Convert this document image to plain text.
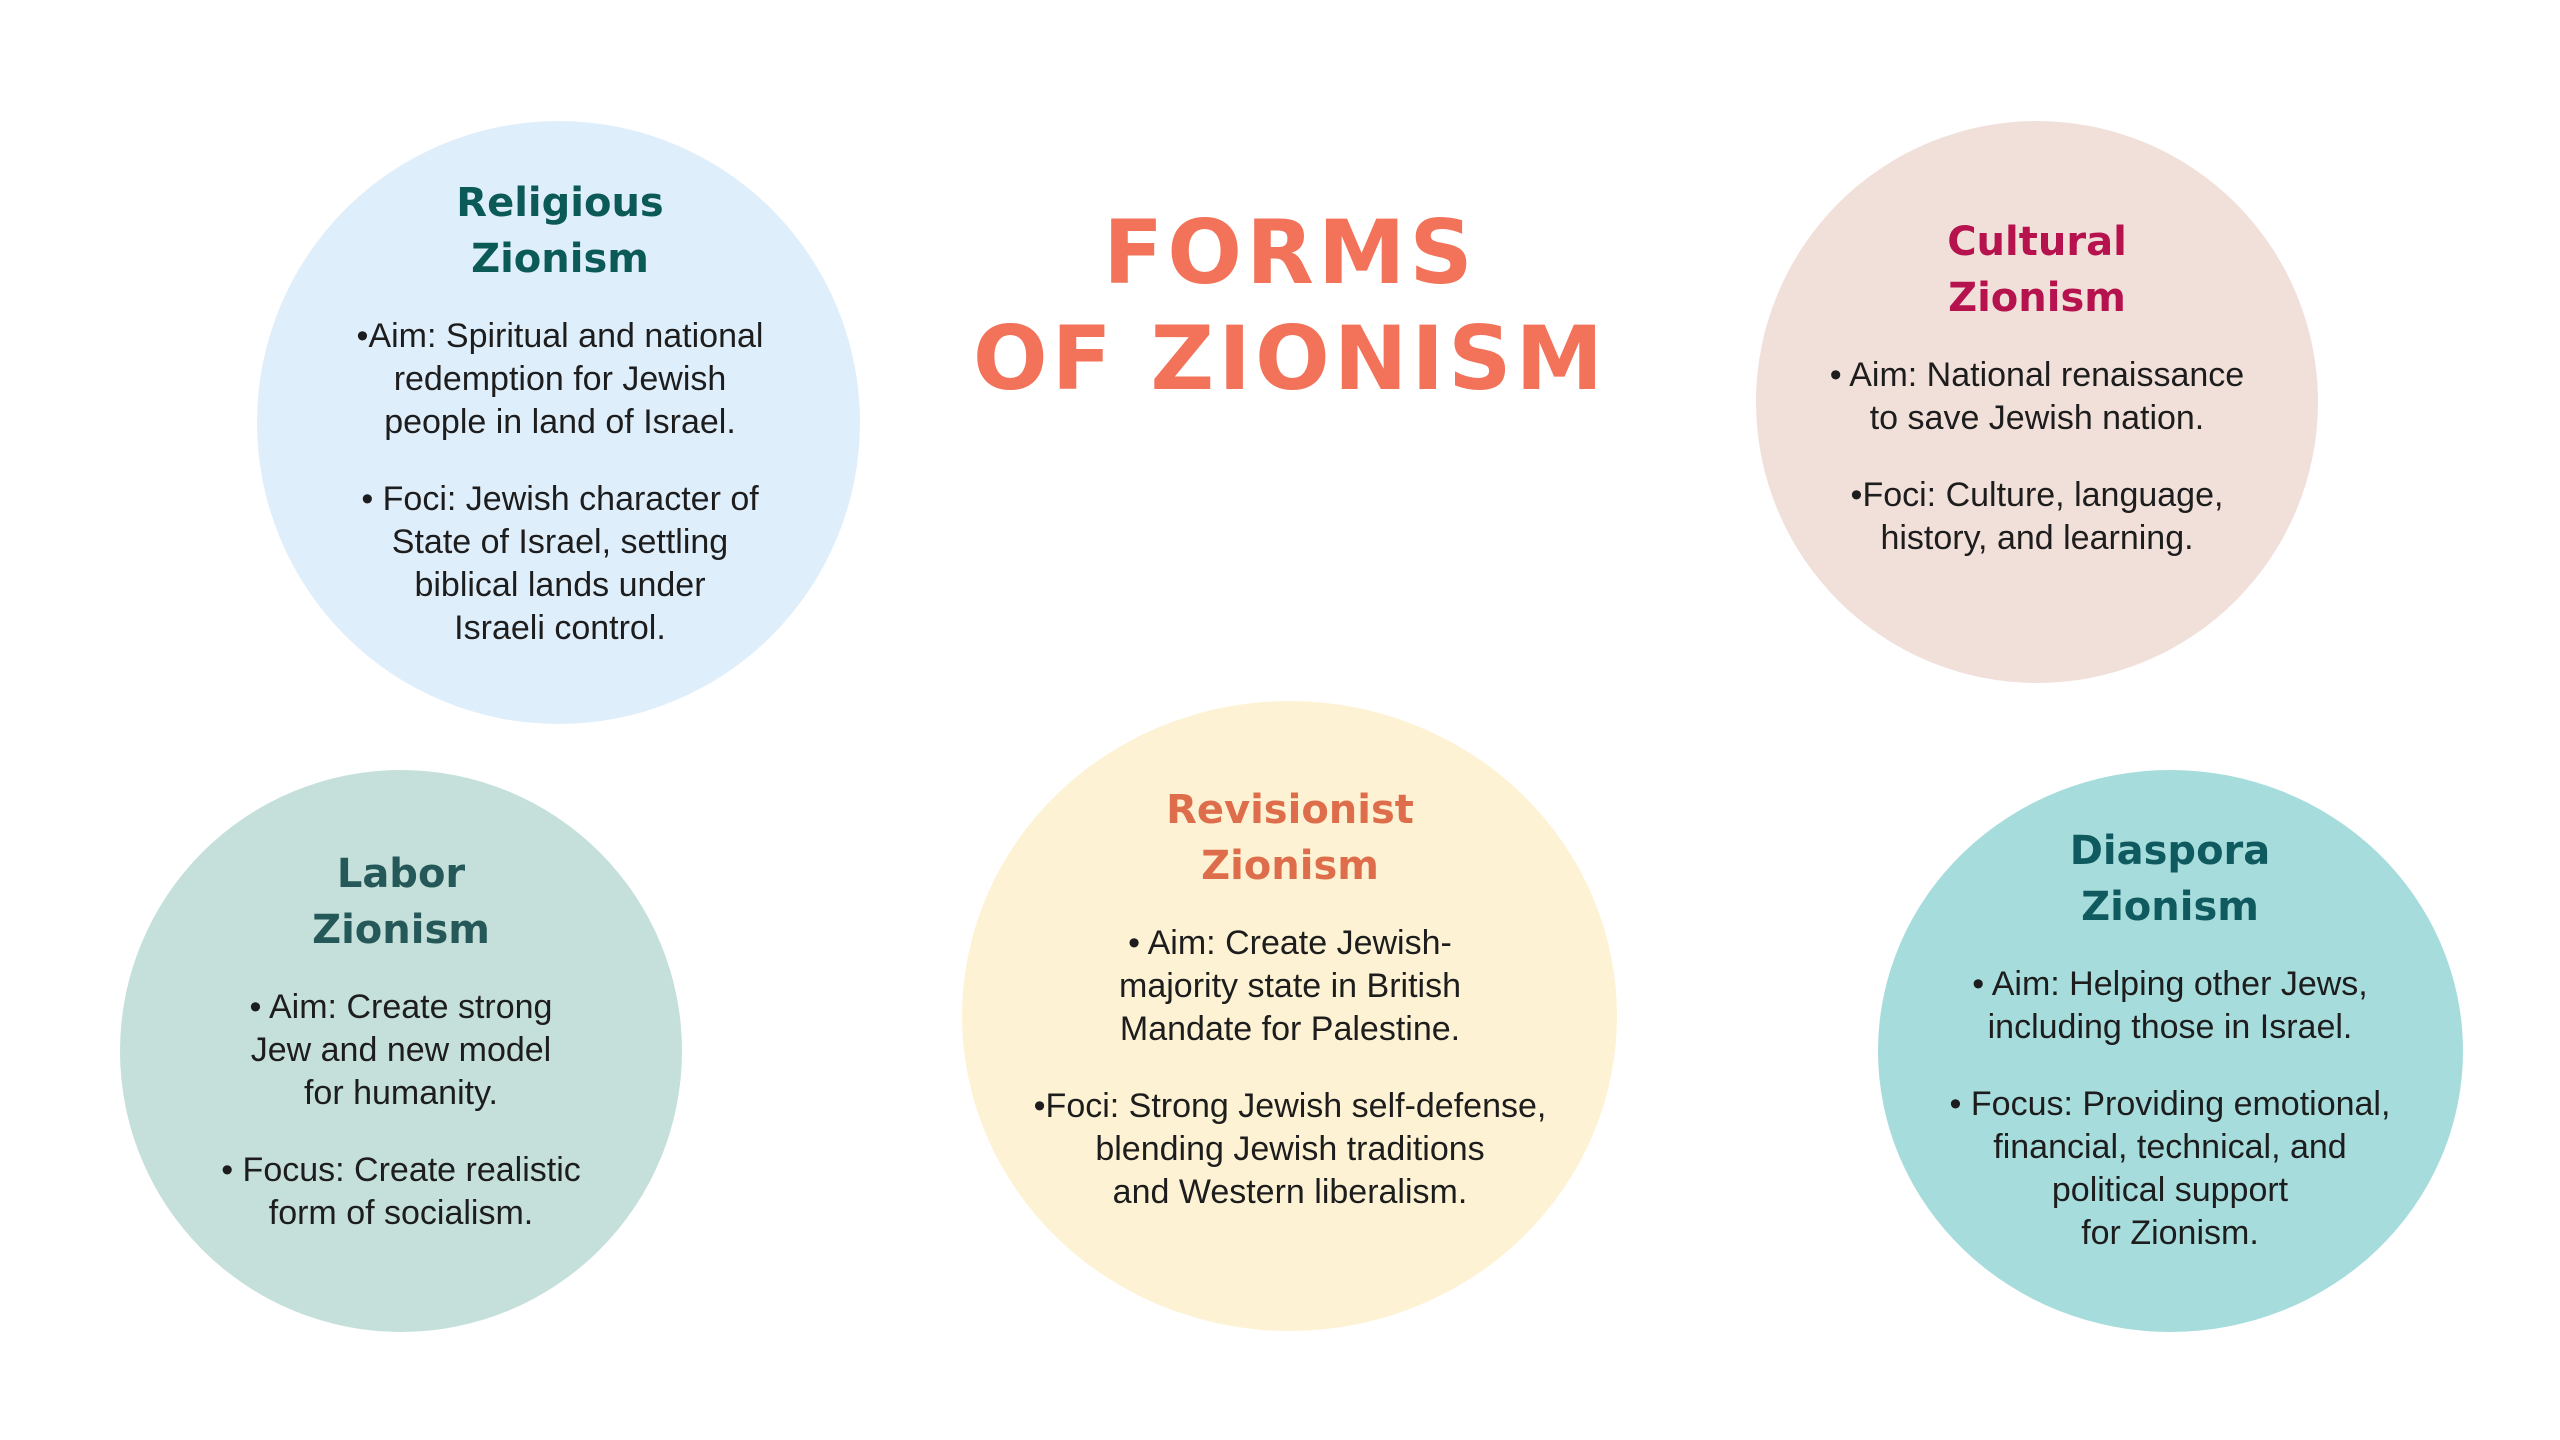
FORMS
OF ZIONISM
Religious
Zionism
•Aim: Spiritual and national
redemption for Jewish
people in land of Israel.
• Foci: Jewish character of
State of Israel, settling
biblical lands under
Israeli control.
Cultural
Zionism
• Aim: National renaissance
to save Jewish nation.
•Foci: Culture, language,
history, and learning.
Labor
Zionism
• Aim: Create strong
Jew and new model
for humanity.
• Focus: Create realistic
form of socialism.
Revisionist
Zionism
• Aim: Create Jewish-
majority state in British
Mandate for Palestine.
•Foci: Strong Jewish self-defense,
blending Jewish traditions
and Western liberalism.
Diaspora
Zionism
• Aim: Helping other Jews,
including those in Israel.
• Focus: Providing emotional,
financial, technical, and
political support
for Zionism.
